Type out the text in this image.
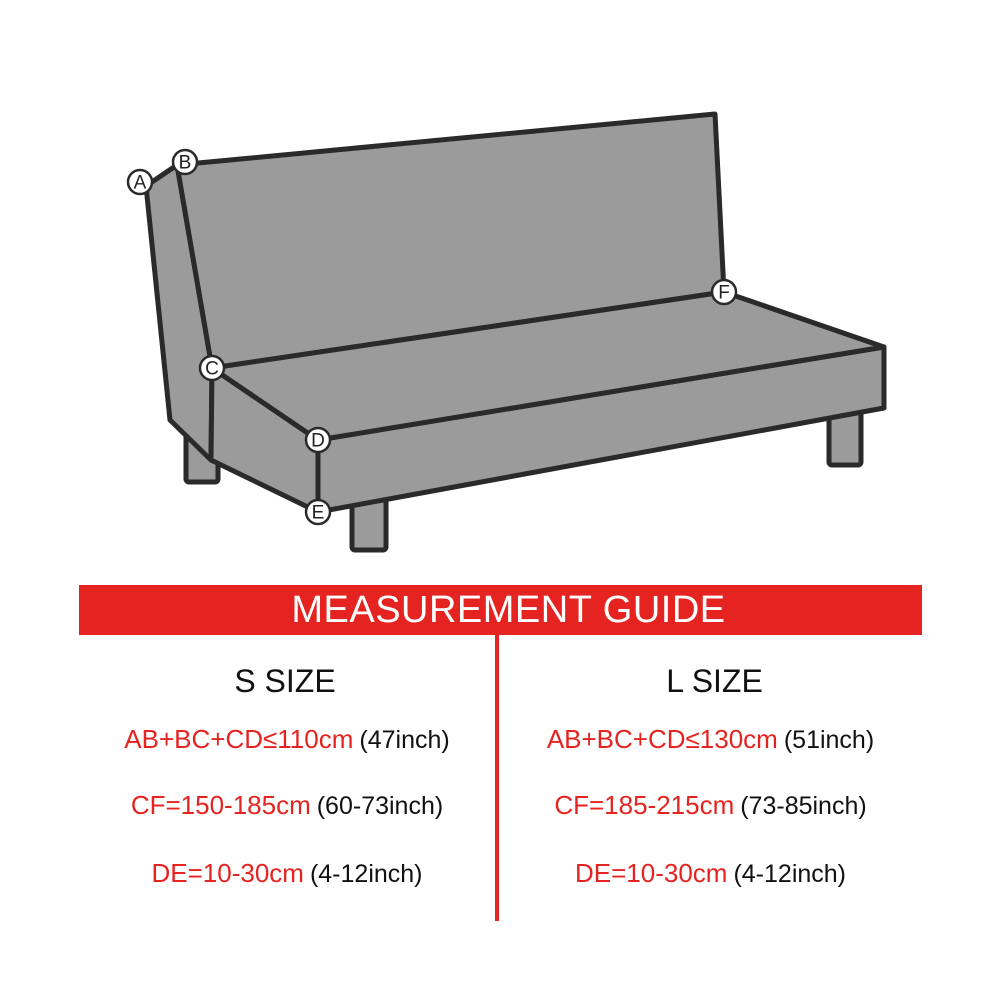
A
B
C
D
E
F
MEASUREMENT GUIDE
S SIZE
AB+BC+CD≤110cm (47inch)
CF=150-185cm (60-73inch)
DE=10-30cm (4-12inch)
L SIZE
AB+BC+CD≤130cm (51inch)
CF=185-215cm (73-85inch)
DE=10-30cm (4-12inch)
